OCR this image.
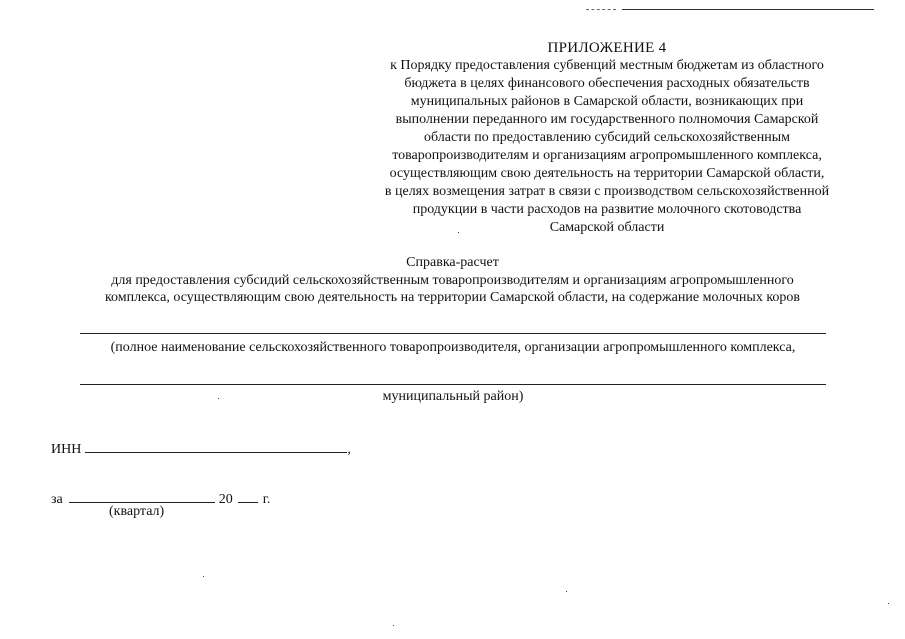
ПРИЛОЖЕНИЕ 4
к Порядку предоставления субвенций местным бюджетам из областного
бюджета в целях финансового обеспечения расходных обязательств
муниципальных районов в Самарской области, возникающих при
выполнении переданного им государственного полномочия Самарской
области по предоставлению субсидий сельскохозяйственным
товаропроизводителям и организациям агропромышленного комплекса,
осуществляющим свою деятельность на территории Самарской области,
в целях возмещения затрат в связи с производством сельскохозяйственной
продукции в части расходов на развитие молочного скотоводства
Самарской области
Справка-расчет
для предоставления субсидий сельскохозяйственным товаропроизводителям и организациям агропромышленного
комплекса, осуществляющим свою деятельность на территории Самарской области, на содержание молочных коров
(полное наименование сельскохозяйственного товаропроизводителя, организации агропромышленного комплекса,
муниципальный район)
ИНН	,
за	20 г.
(квартал)
